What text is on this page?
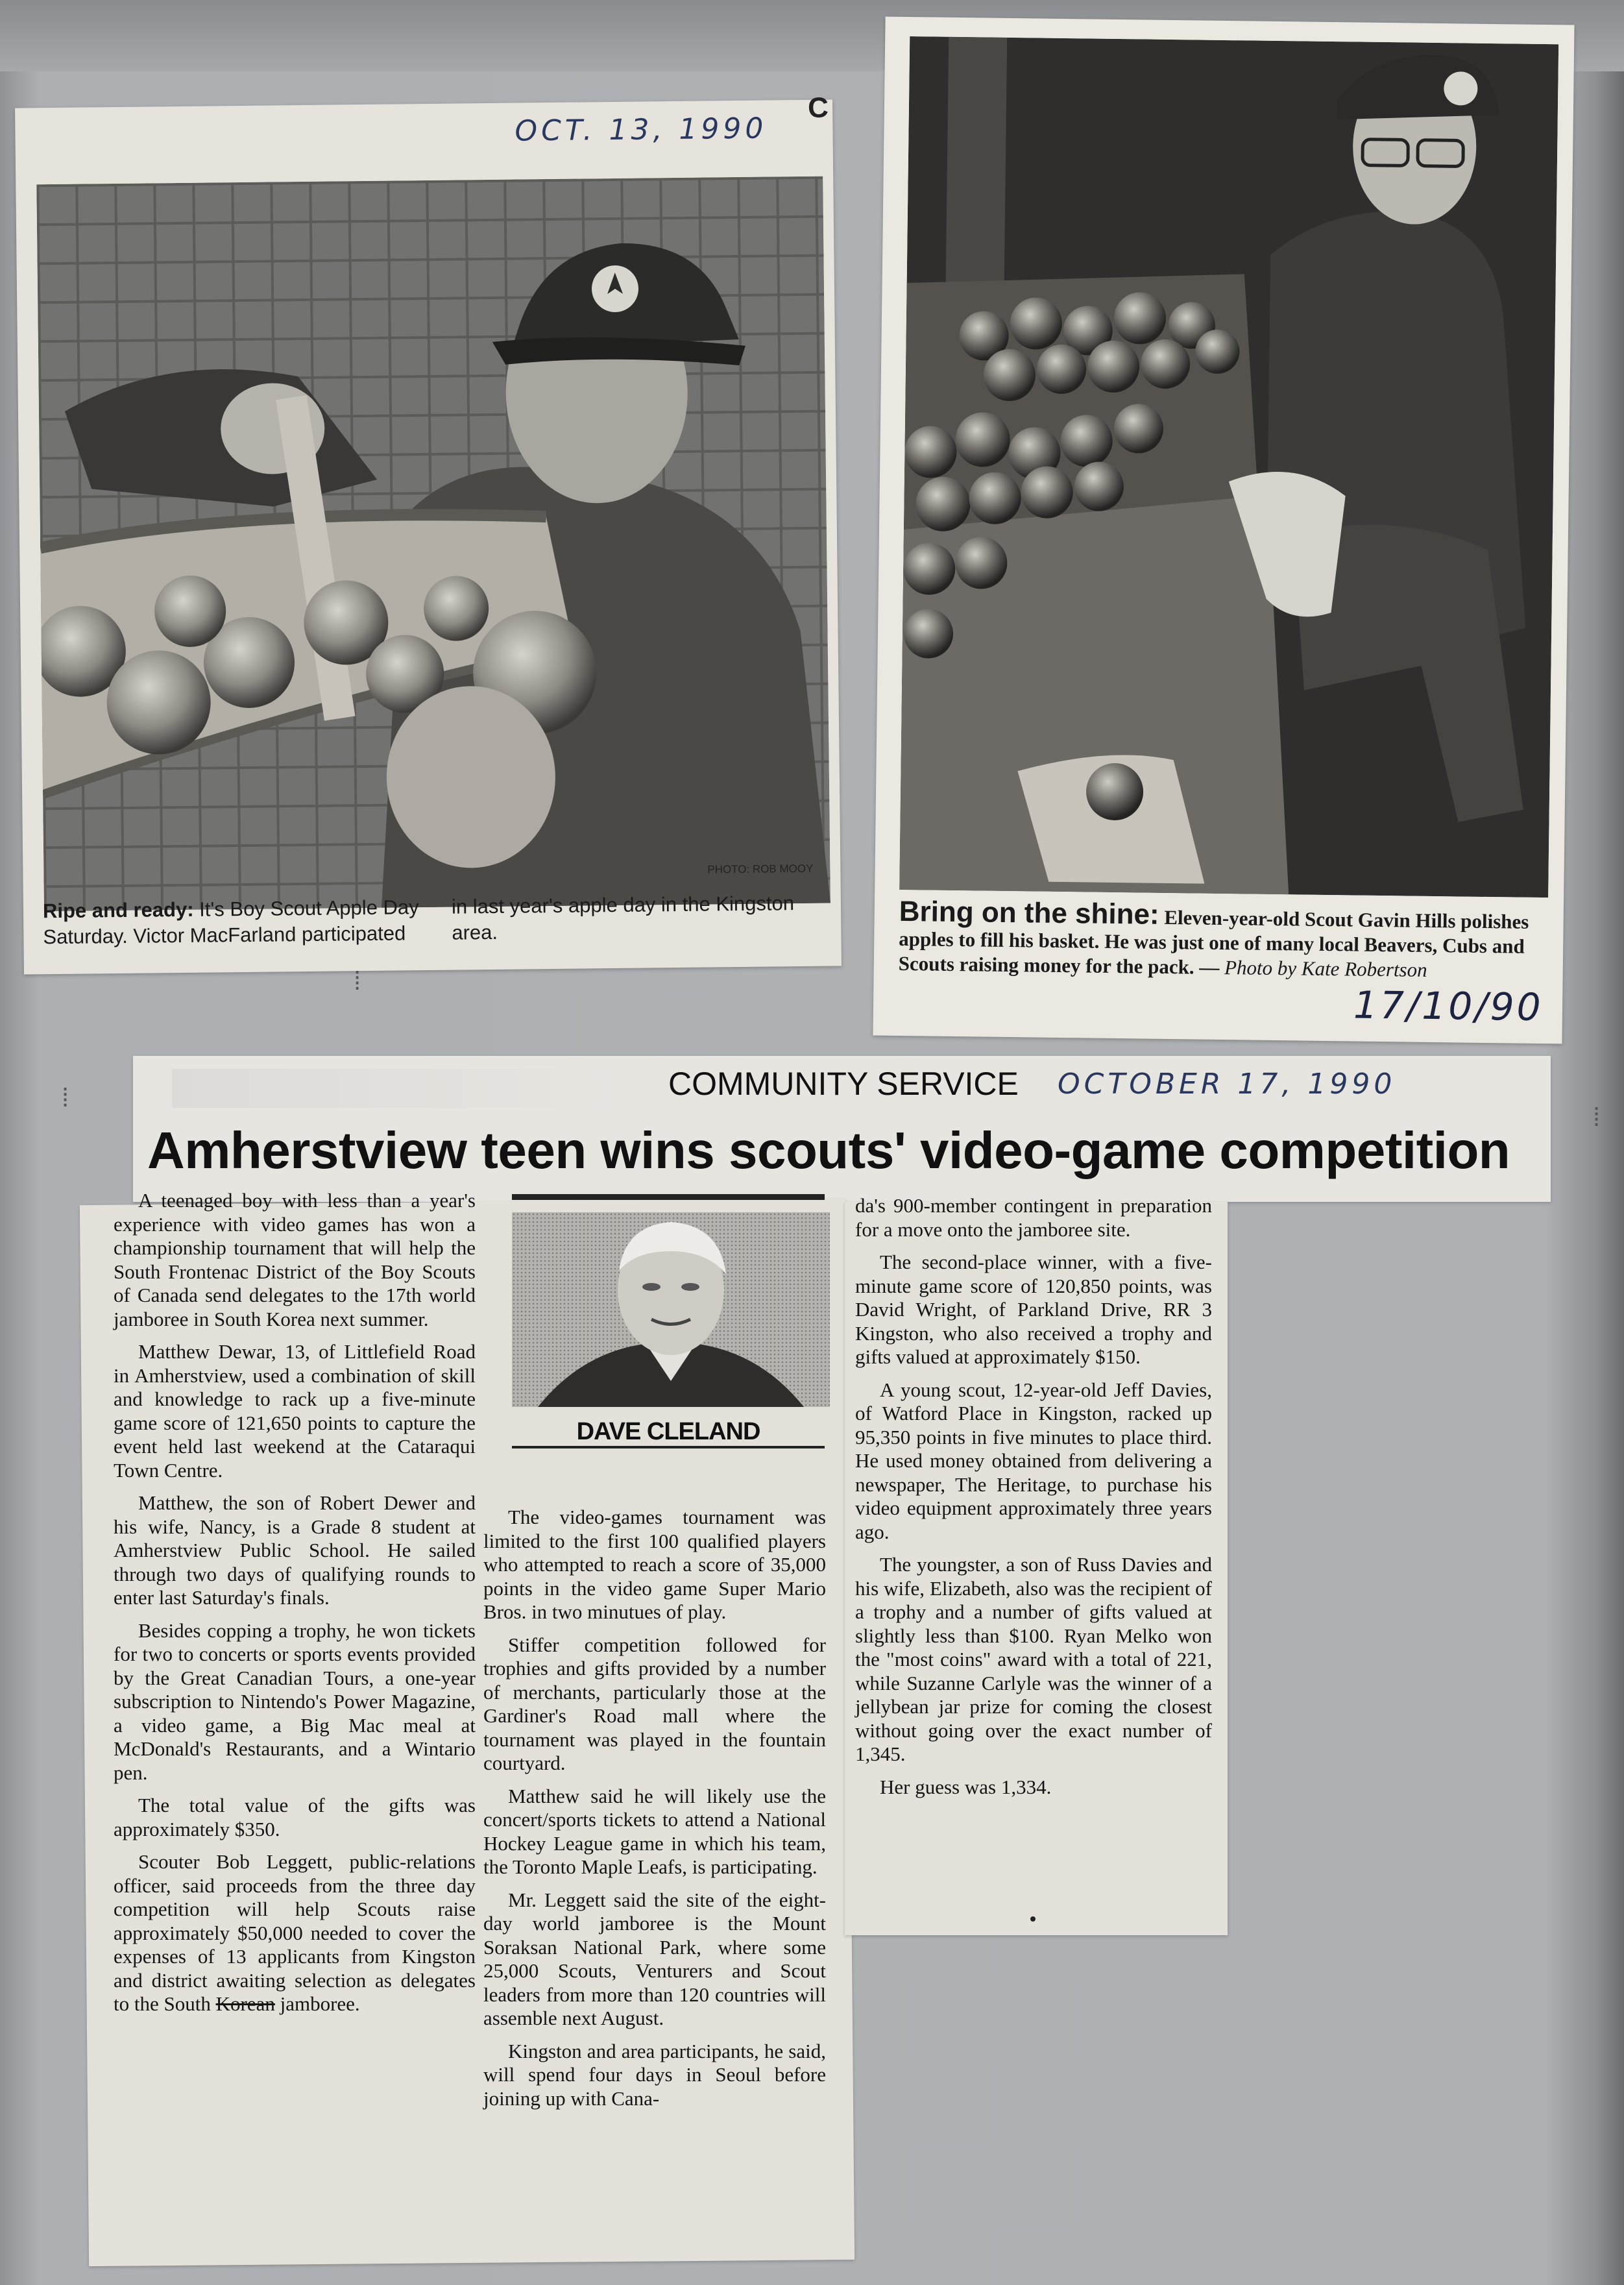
OCT. 13, 1990
C
PHOTO: ROB MOOY
Ripe and ready: It's Boy Scout Apple Day Saturday. Victor MacFarland participated in last year's apple day in the Kingston area.
Bring on the shine: Eleven-year-old Scout Gavin Hills polishes apples to fill his basket. He was just one of many local Beavers, Cubs and Scouts raising money for the pack. — Photo by Kate Robertson
17/10/90
COMMUNITY SERVICE OCTOBER 17, 1990
Amherstview teen wins scouts' video-game competition

A teenaged boy with less than a year's experience with video games has won a championship tournament that will help the South Frontenac District of the Boy Scouts of Canada send delegates to the 17th world jamboree in South Korea next summer.

Matthew Dewar, 13, of Littlefield Road in Amherstview, used a combination of skill and knowledge to rack up a five-minute game score of 121,650 points to capture the event held last weekend at the Cataraqui Town Centre.

Matthew, the son of Robert Dewer and his wife, Nancy, is a Grade 8 student at Amherstview Public School. He sailed through two days of qualifying rounds to enter last Saturday's finals.

Besides copping a trophy, he won tickets for two to concerts or sports events provided by the Great Canadian Tours, a one-year subscription to Nintendo's Power Magazine, a video game, a Big Mac meal at McDonald's Restaurants, and a Wintario pen.

The total value of the gifts was approximately $350.

Scouter Bob Leggett, public-relations officer, said proceeds from the three day competition will help Scouts raise approximately $50,000 needed to cover the expenses of 13 applicants from Kingston and district awaiting selection as delegates to the South Korean jamboree.

DAVE CLELAND

The video-games tournament was limited to the first 100 qualified players who attempted to reach a score of 35,000 points in the video game Super Mario Bros. in two minutues of play.

Stiffer competition followed for trophies and gifts provided by a number of merchants, particularly those at the Gardiner's Road mall where the tournament was played in the fountain courtyard.

Matthew said he will likely use the concert/sports tickets to attend a National Hockey League game in which his team, the Toronto Maple Leafs, is participating.

Mr. Leggett said the site of the eight-day world jamboree is the Mount Soraksan National Park, where some 25,000 Scouts, Venturers and Scout leaders from more than 120 countries will assemble next August.

Kingston and area participants, he said, will spend four days in Seoul before joining up with Cana-

da's 900-member contingent in preparation for a move onto the jamboree site.

The second-place winner, with a five-minute game score of 120,850 points, was David Wright, of Parkland Drive, RR 3 Kingston, who also received a trophy and gifts valued at approximately $150.

A young scout, 12-year-old Jeff Davies, of Watford Place in Kingston, racked up 95,350 points in five minutes to place third. He used money obtained from delivering a newspaper, The Heritage, to purchase his video equipment approximately three years ago.

The youngster, a son of Russ Davies and his wife, Elizabeth, also was the recipient of a trophy and a number of gifts valued at slightly less than $100. Ryan Melko won the "most coins" award with a total of 221, while Suzanne Carlyle was the winner of a jellybean jar prize for coming the closest without going over the exact number of 1,345.

Her guess was 1,334.

⁞
⁞
⁞
